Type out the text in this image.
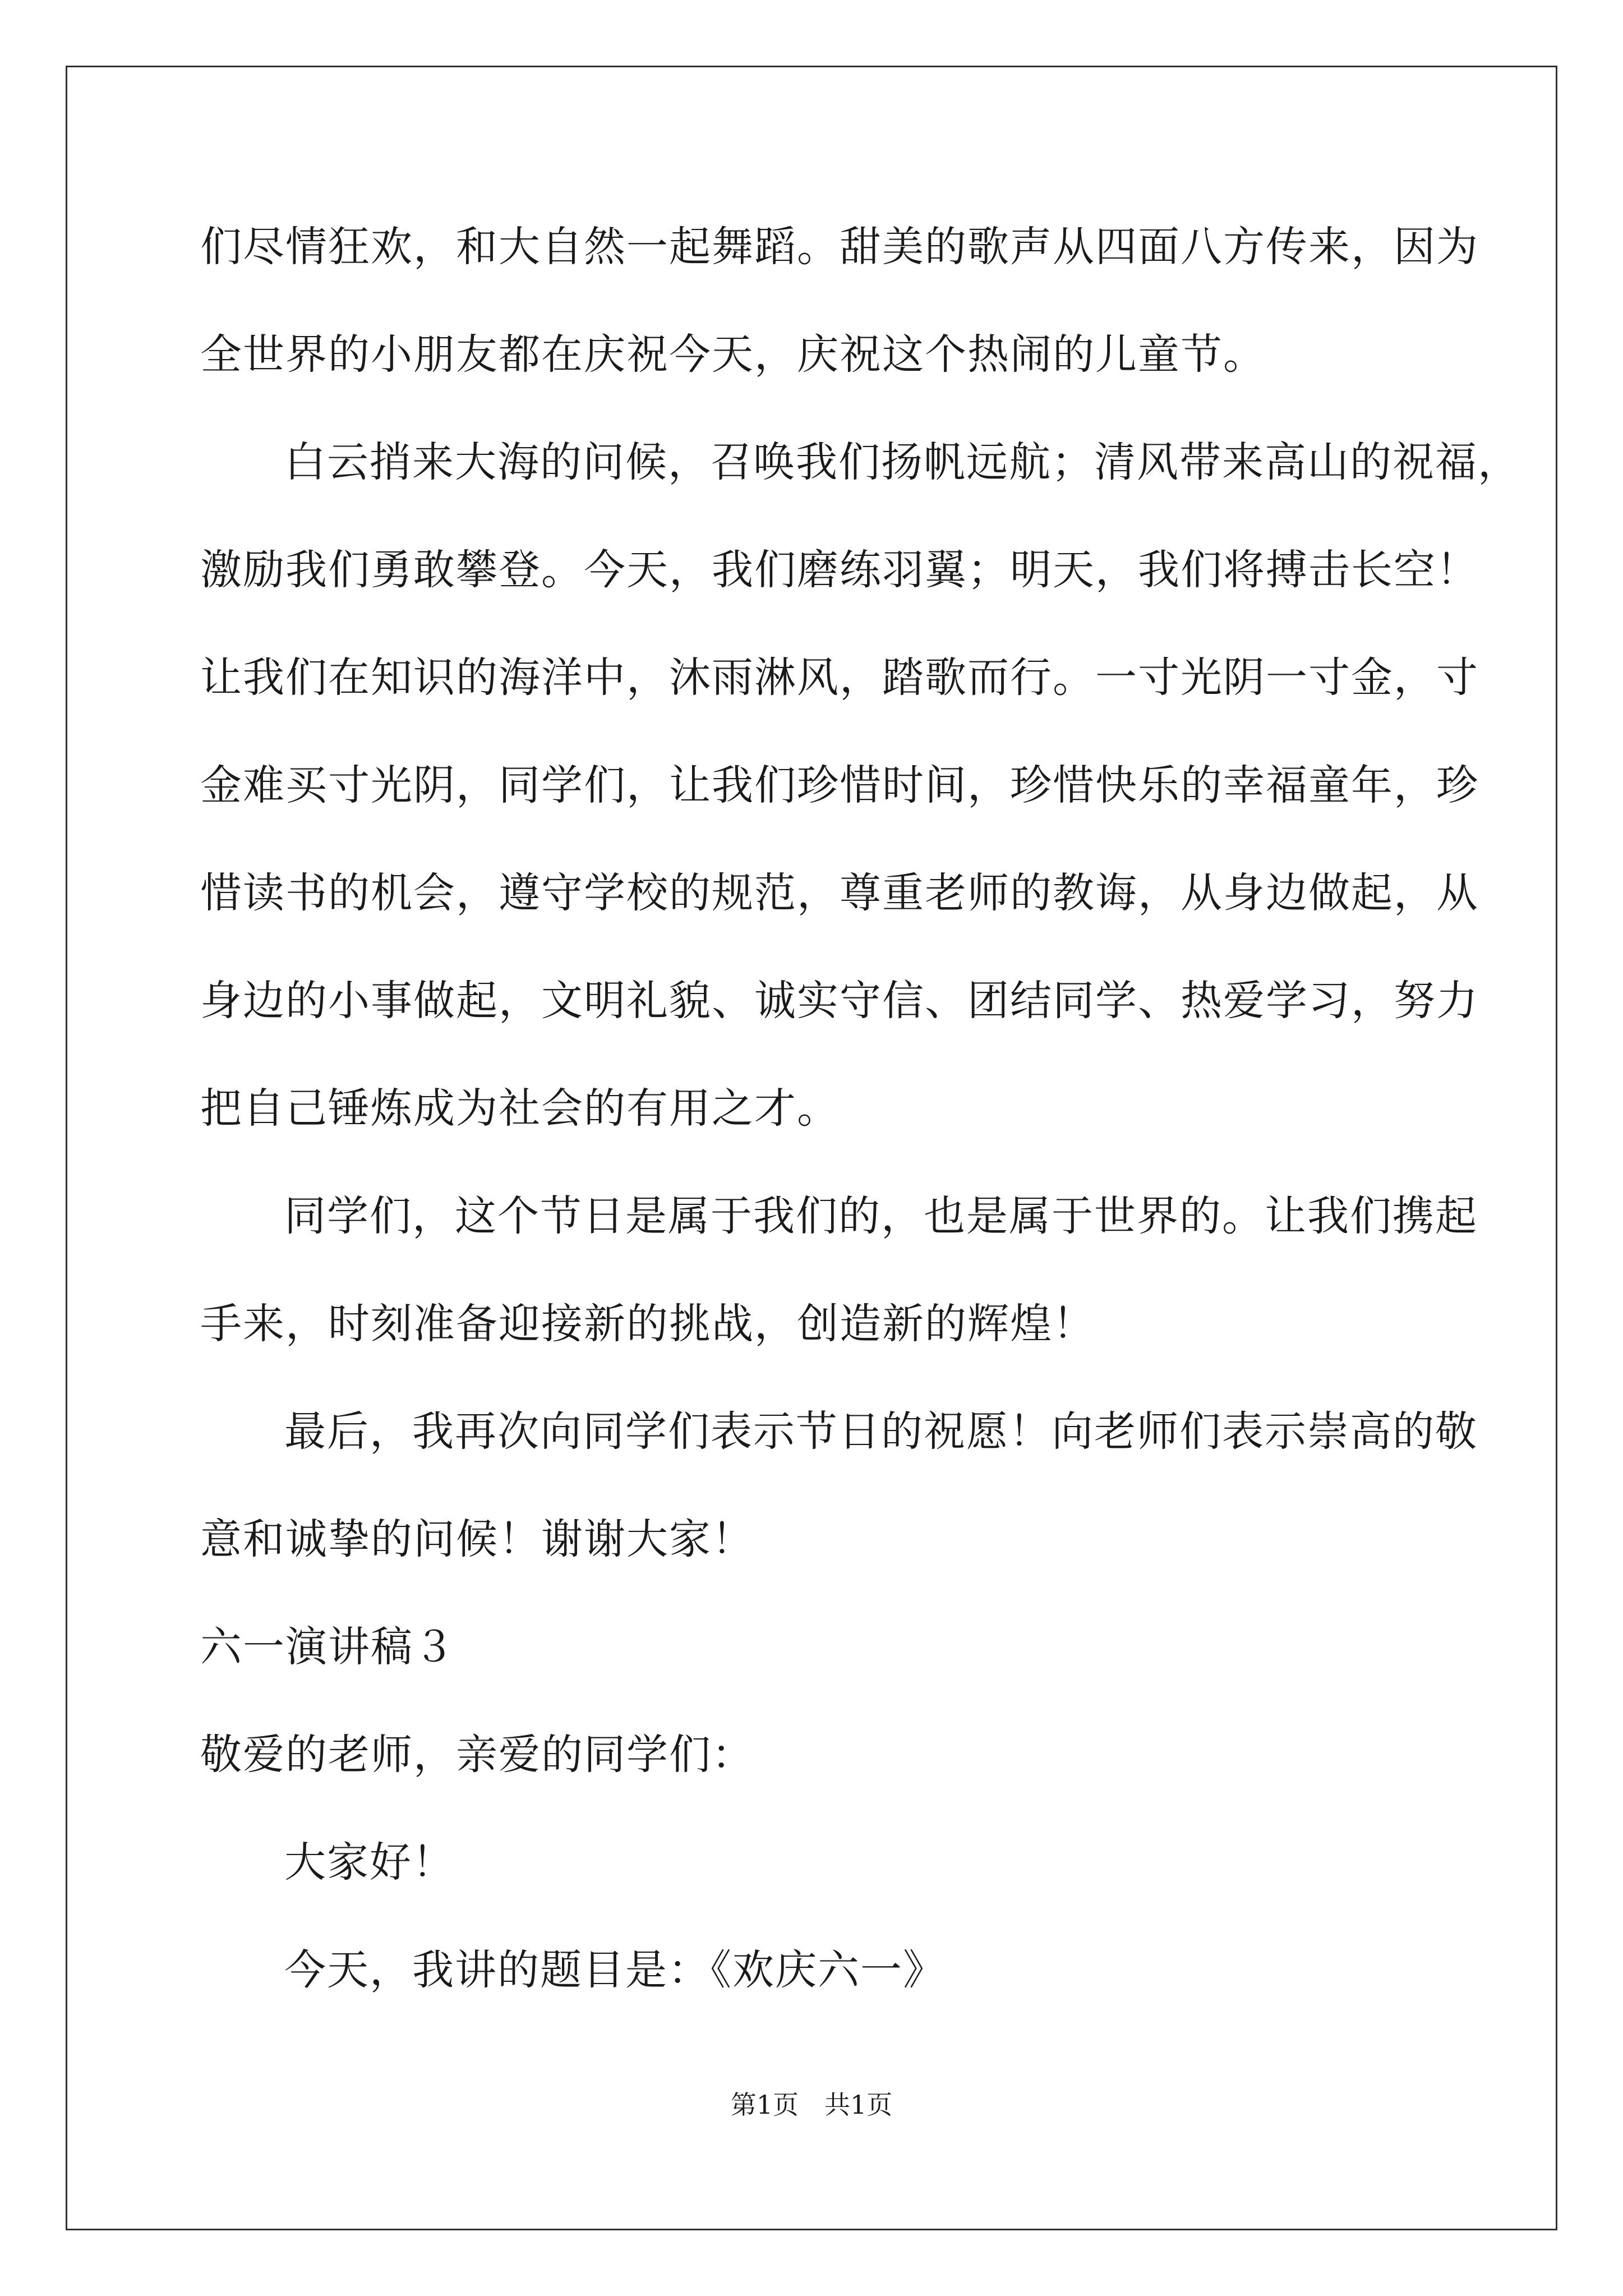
们尽情狂欢，和大自然一起舞蹈。甜美的歌声从四面八方传来，因为
全世界的小朋友都在庆祝今天，庆祝这个热闹的儿童节。
白云捎来大海的问候，召唤我们扬帆远航；清风带来高山的祝福，
激励我们勇敢攀登。今天，我们磨练羽翼；明天，我们将搏击长空！
让我们在知识的海洋中，沐雨淋风，踏歌而行。一寸光阴一寸金，寸
金难买寸光阴，同学们，让我们珍惜时间，珍惜快乐的幸福童年，珍
惜读书的机会，遵守学校的规范，尊重老师的教诲，从身边做起，从
身边的小事做起，文明礼貌、诚实守信、团结同学、热爱学习，努力
把自己锤炼成为社会的有用之才。
同学们，这个节日是属于我们的，也是属于世界的。让我们携起
手来，时刻准备迎接新的挑战，创造新的辉煌！
最后，我再次向同学们表示节日的祝愿！向老师们表示崇高的敬
意和诚挚的问候！谢谢大家！
六一演讲稿３
敬爱的老师，亲爱的同学们：
大家好！
今天，我讲的题目是：《欢庆六一》
第1页　共1页
